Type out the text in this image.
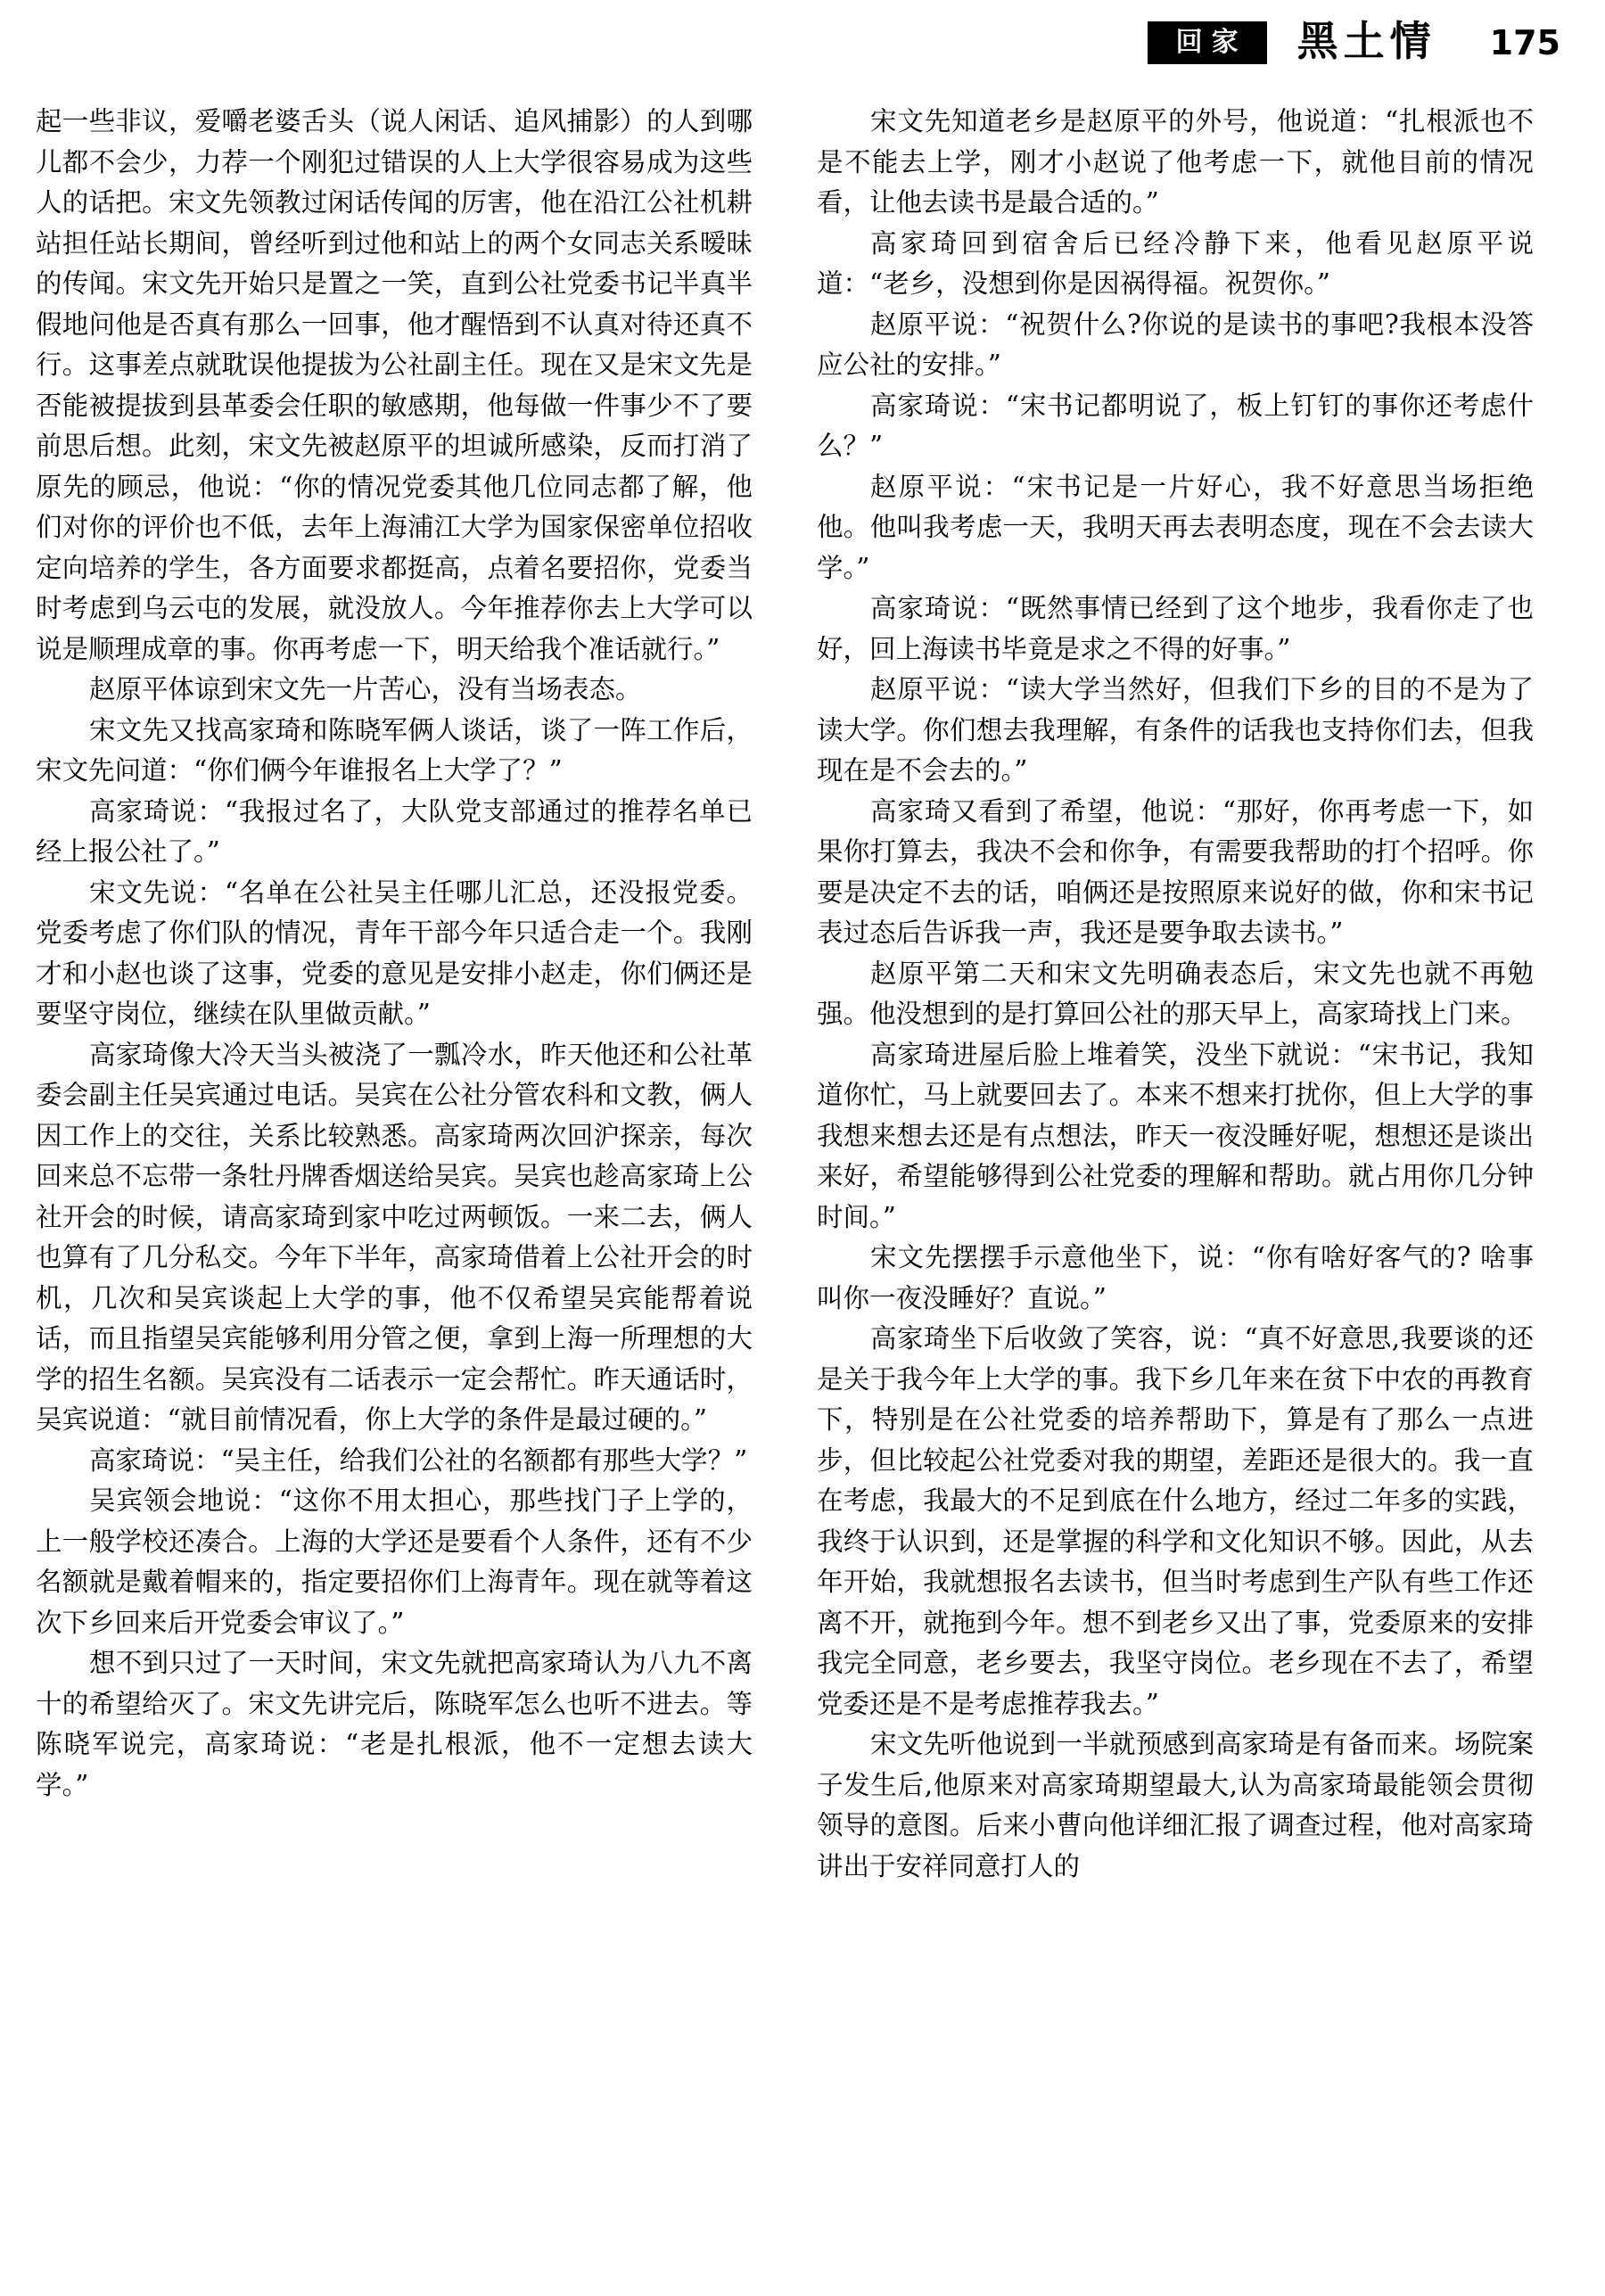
回家	黑土情 175

起一些非议，爱嚼老婆舌头（说人闲话、追风捕影）的人到哪儿都不会少，力荐一个刚犯过错误的人上大学很容易成为这些人的话把。宋文先领教过闲话传闻的厉害，他在沿江公社机耕站担任站长期间，曾经听到过他和站上的两个女同志关系暧昧的传闻。宋文先开始只是置之一笑，直到公社党委书记半真半假地问他是否真有那么一回事，他才醒悟到不认真对待还真不行。这事差点就耽误他提拔为公社副主任。现在又是宋文先是否能被提拔到县革委会任职的敏感期，他每做一件事少不了要前思后想。此刻，宋文先被赵原平的坦诚所感染，反而打消了原先的顾忌，他说：“你的情况党委其他几位同志都了解，他们对你的评价也不低，去年上海浦江大学为国家保密单位招收定向培养的学生，各方面要求都挺高，点着名要招你，党委当时考虑到乌云屯的发展，就没放人。今年推荐你去上大学可以说是顺理成章的事。你再考虑一下，明天给我个准话就行。”

赵原平体谅到宋文先一片苦心，没有当场表态。

宋文先又找高家琦和陈晓军俩人谈话，谈了一阵工作后，宋文先问道：“你们俩今年谁报名上大学了？”

高家琦说：“我报过名了，大队党支部通过的推荐名单已经上报公社了。”

宋文先说：“名单在公社吴主任哪儿汇总，还没报党委。党委考虑了你们队的情况，青年干部今年只适合走一个。我刚才和小赵也谈了这事，党委的意见是安排小赵走，你们俩还是要坚守岗位，继续在队里做贡献。”

高家琦像大冷天当头被浇了一瓢冷水，昨天他还和公社革委会副主任吴宾通过电话。吴宾在公社分管农科和文教，俩人因工作上的交往，关系比较熟悉。高家琦两次回沪探亲，每次回来总不忘带一条牡丹牌香烟送给吴宾。吴宾也趁高家琦上公社开会的时候，请高家琦到家中吃过两顿饭。一来二去，俩人也算有了几分私交。今年下半年，高家琦借着上公社开会的时机，几次和吴宾谈起上大学的事，他不仅希望吴宾能帮着说话，而且指望吴宾能够利用分管之便，拿到上海一所理想的大学的招生名额。吴宾没有二话表示一定会帮忙。昨天通话时，吴宾说道：“就目前情况看，你上大学的条件是最过硬的。”

高家琦说：“吴主任，给我们公社的名额都有那些大学？”

吴宾领会地说：“这你不用太担心，那些找门子上学的，上一般学校还凑合。上海的大学还是要看个人条件，还有不少名额就是戴着帽来的，指定要招你们上海青年。现在就等着这次下乡回来后开党委会审议了。”

想不到只过了一天时间，宋文先就把高家琦认为八九不离十的希望给灭了。宋文先讲完后，陈晓军怎么也听不进去。等陈晓军说完，高家琦说：“老是扎根派，他不一定想去读大学。”

宋文先知道老乡是赵原平的外号，他说道：“扎根派也不是不能去上学，刚才小赵说了他考虑一下，就他目前的情况看，让他去读书是最合适的。”

高家琦回到宿舍后已经冷静下来，他看见赵原平说道：“老乡，没想到你是因祸得福。祝贺你。”

赵原平说：“祝贺什么?你说的是读书的事吧?我根本没答应公社的安排。”

高家琦说：“宋书记都明说了，板上钉钉的事你还考虑什么？”

赵原平说：“宋书记是一片好心，我不好意思当场拒绝他。他叫我考虑一天，我明天再去表明态度，现在不会去读大学。”

高家琦说：“既然事情已经到了这个地步，我看你走了也好，回上海读书毕竟是求之不得的好事。”

赵原平说：“读大学当然好，但我们下乡的目的不是为了读大学。你们想去我理解，有条件的话我也支持你们去，但我现在是不会去的。”

高家琦又看到了希望，他说：“那好，你再考虑一下，如果你打算去，我决不会和你争，有需要我帮助的打个招呼。你要是决定不去的话，咱俩还是按照原来说好的做，你和宋书记表过态后告诉我一声，我还是要争取去读书。”

赵原平第二天和宋文先明确表态后，宋文先也就不再勉强。他没想到的是打算回公社的那天早上，高家琦找上门来。

高家琦进屋后脸上堆着笑，没坐下就说：“宋书记，我知道你忙，马上就要回去了。本来不想来打扰你，但上大学的事我想来想去还是有点想法，昨天一夜没睡好呢，想想还是谈出来好，希望能够得到公社党委的理解和帮助。就占用你几分钟时间。”

宋文先摆摆手示意他坐下，说：“你有啥好客气的? 啥事叫你一夜没睡好？直说。”

高家琦坐下后收敛了笑容，说：“真不好意思,我要谈的还是关于我今年上大学的事。我下乡几年来在贫下中农的再教育下，特别是在公社党委的培养帮助下，算是有了那么一点进步，但比较起公社党委对我的期望，差距还是很大的。我一直在考虑，我最大的不足到底在什么地方，经过二年多的实践，我终于认识到，还是掌握的科学和文化知识不够。因此，从去年开始，我就想报名去读书，但当时考虑到生产队有些工作还离不开，就拖到今年。想不到老乡又出了事，党委原来的安排我完全同意，老乡要去，我坚守岗位。老乡现在不去了，希望党委还是不是考虑推荐我去。”

宋文先听他说到一半就预感到高家琦是有备而来。场院案子发生后,他原来对高家琦期望最大,认为高家琦最能领会贯彻领导的意图。后来小曹向他详细汇报了调查过程，他对高家琦讲出于安祥同意打人的
